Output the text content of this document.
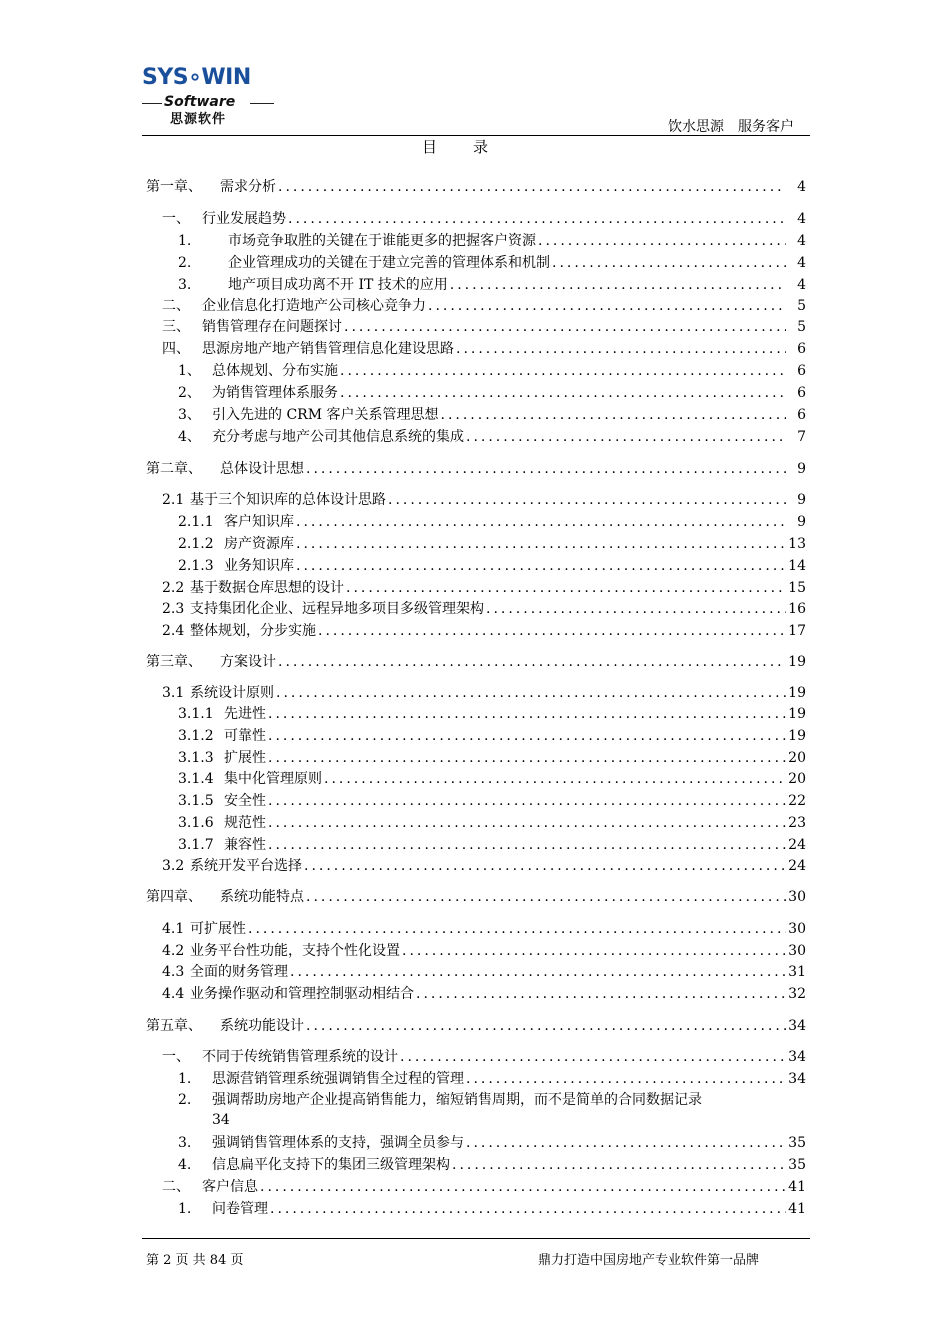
SYS∘WIN
Software
思源软件	饮水思源　服务客户
目录
第一章、	需求分析 .....	4
一、 行业发展趋势 .....	4
1.	市场竞争取胜的关键在于谁能更多的把握客户资源 .....	4
2.	企业管理成功的关键在于建立完善的管理体系和机制 .....	4
3.	地产项目成功离不开 IT 技术的应用 .....	4
二、 企业信息化打造地产公司核心竞争力 .....	5
三、 销售管理存在问题探讨 .....	5
四、 思源房地产地产销售管理信息化建设思路 .....	6
1、 总体规划、分布实施 .....	6
2、 为销售管理体系服务 .....	6
3、 引入先进的 CRM 客户关系管理思想 .....	6
4、 充分考虑与地产公司其他信息系统的集成 .....	7
第二章、	总体设计思想 .....	9
2.1 基于三个知识库的总体设计思路 .....	9
2.1.1 客户知识库 .....	9
2.1.2 房产资源库 .....	13
2.1.3 业务知识库 .....	14
2.2 基于数据仓库思想的设计 .....	15
2.3 支持集团化企业、远程异地多项目多级管理架构 .....	16
2.4 整体规划，分步实施 .....	17
第三章、	方案设计 .....	19
3.1 系统设计原则 .....	19
3.1.1 先进性 .....	19
3.1.2 可靠性 .....	19
3.1.3 扩展性 .....	20
3.1.4 集中化管理原则 .....	20
3.1.5 安全性 .....	22
3.1.6 规范性 .....	23
3.1.7 兼容性 .....	24
3.2 系统开发平台选择 .....	24
第四章、	系统功能特点 .....	30
4.1 可扩展性 .....	30
4.2 业务平台性功能，支持个性化设置 .....	30
4.3 全面的财务管理 .....	31
4.4 业务操作驱动和管理控制驱动相结合 .....	32
第五章、	系统功能设计 .....	34
一、 不同于传统销售管理系统的设计 .....	34
1.	思源营销管理系统强调销售全过程的管理 .....	34
2. 强调帮助房地产企业提高销售能力，缩短销售周期，而不是简单的合同数据记录
34
3.	强调销售管理体系的支持，强调全员参与 .....	35
4.	信息扁平化支持下的集团三级管理架构 .....	35
二、 客户信息 .....	41
1.	问卷管理 .....	41
第 2 页 共 84 页	鼎力打造中国房地产专业软件第一品牌
